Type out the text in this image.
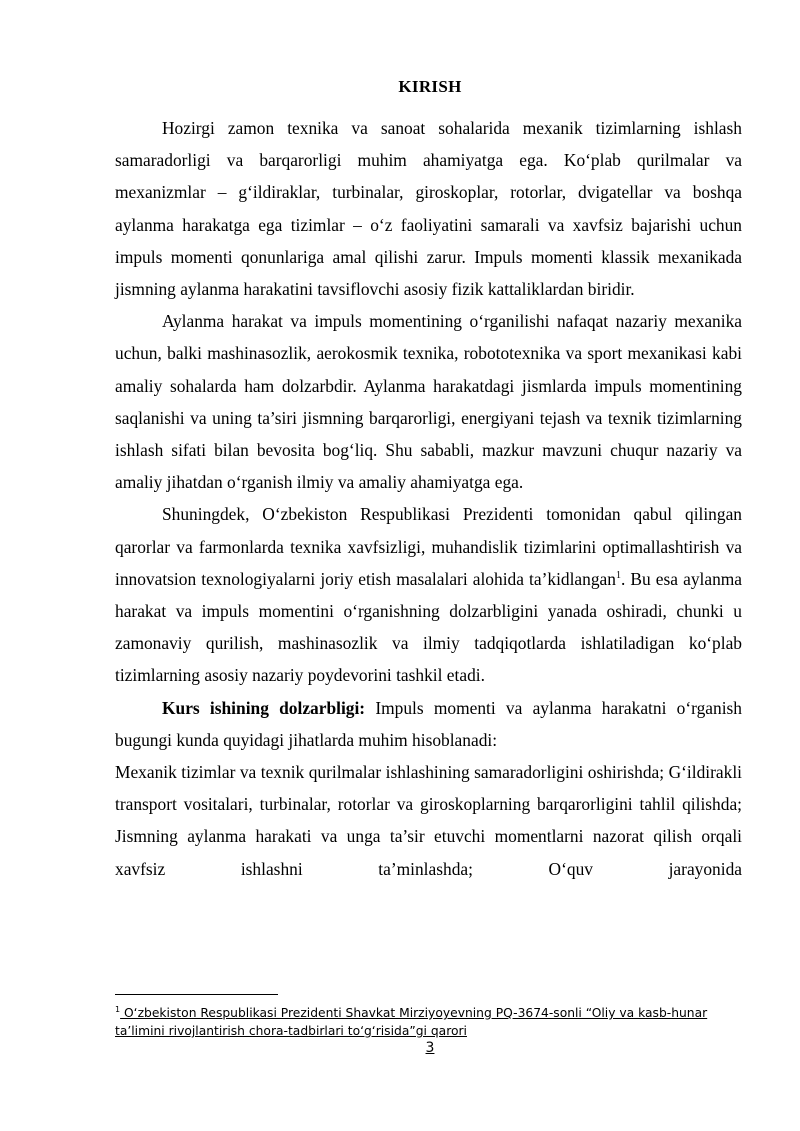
KIRISH

Hozirgi zamon texnika va sanoat sohalarida mexanik tizimlarning ishlash samaradorligi va barqarorligi muhim ahamiyatga ega. Ko‘plab qurilmalar va mexanizmlar – g‘ildiraklar, turbinalar, giroskoplar, rotorlar, dvigatellar va boshqa aylanma harakatga ega tizimlar – o‘z faoliyatini samarali va xavfsiz bajarishi uchun impuls momenti qonunlariga amal qilishi zarur. Impuls momenti klassik mexanikada jismning aylanma harakatini tavsiflovchi asosiy fizik kattaliklardan biridir.

Aylanma harakat va impuls momentining o‘rganilishi nafaqat nazariy mexanika uchun, balki mashinasozlik, aerokosmik texnika, robototexnika va sport mexanikasi kabi amaliy sohalarda ham dolzarbdir. Aylanma harakatdagi jismlarda impuls momentining saqlanishi va uning ta’siri jismning barqarorligi, energiyani tejash va texnik tizimlarning ishlash sifati bilan bevosita bog‘liq. Shu sababli, mazkur mavzuni chuqur nazariy va amaliy jihatdan o‘rganish ilmiy va amaliy ahamiyatga ega.

Shuningdek, O‘zbekiston Respublikasi Prezidenti tomonidan qabul qilingan qarorlar va farmonlarda texnika xavfsizligi, muhandislik tizimlarini optimallashtirish va innovatsion texnologiyalarni joriy etish masalalari alohida ta’kidlangan$^1$. Bu esa aylanma harakat va impuls momentini o‘rganishning dolzarbligini yanada oshiradi, chunki u zamonaviy qurilish, mashinasozlik va ilmiy tadqiqotlarda ishlatiladigan ko‘plab tizimlarning asosiy nazariy poydevorini tashkil etadi.

Kurs ishining dolzarbligi: Impuls momenti va aylanma harakatni o‘rganish bugungi kunda quyidagi jihatlarda muhim hisoblanadi:

Mexanik tizimlar va texnik qurilmalar ishlashining samaradorligini oshirishda; G‘ildirakli transport vositalari, turbinalar, rotorlar va giroskoplarning barqarorligini tahlil qilishda; Jismning aylanma harakati va unga ta’sir etuvchi momentlarni nazorat qilish orqali xavfsiz ishlashni ta’minlashda; O‘quv jarayonida

$^1$ O‘zbekiston Respublikasi Prezidenti Shavkat Mirziyoyevning PQ-3674-sonli “Oliy va kasb-hunar ta’limini rivojlantirish chora-tadbirlari to‘g‘risida”gi qarori
3
